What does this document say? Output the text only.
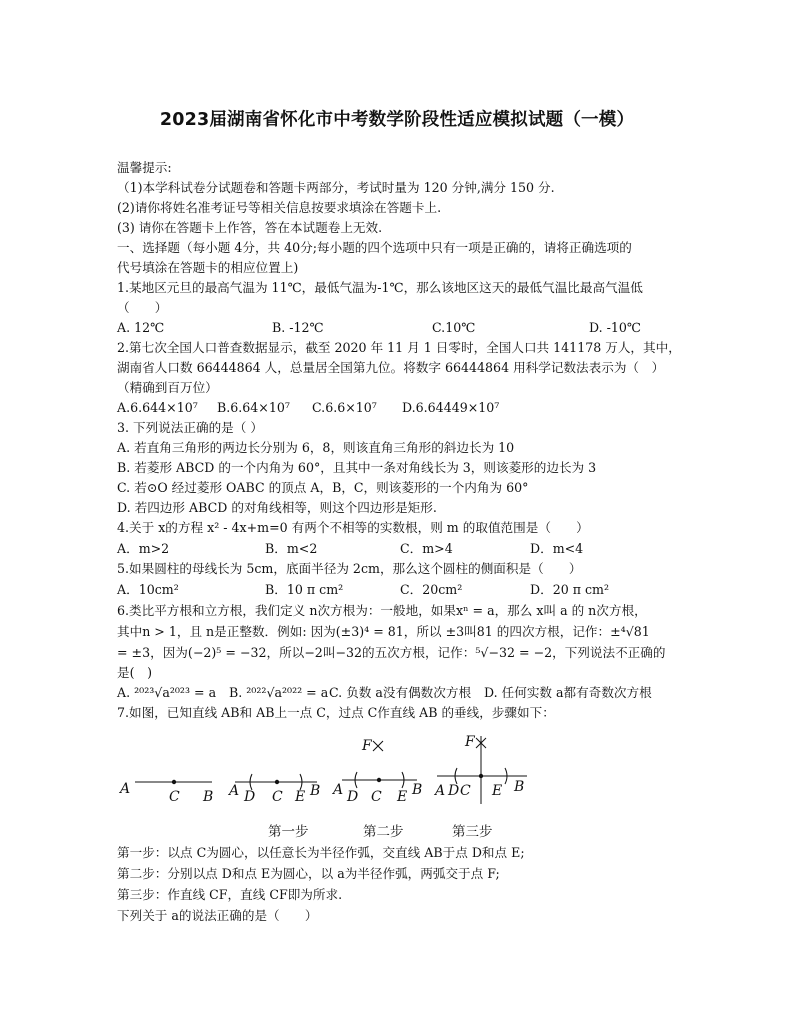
2023届湖南省怀化市中考数学阶段性适应模拟试题（一模）
温馨提示:
（1)本学科试卷分试题卷和答题卡两部分，考试时量为 120 分钟,满分 150 分.
(2)请你将姓名准考证号等相关信息按要求填涂在答题卡上.
(3) 请你在答题卡上作答，答在本试题卷上无效.
一、选择题（每小题 4分，共 40分;每小题的四个选项中只有一项是正确的，请将正确选项的
代号填涂在答题卡的相应位置上)
1.某地区元旦的最高气温为 11℃，最低气温为-1℃，那么该地区这天的最低气温比最高气温低
（　　）
A. 12℃	B. -12℃	C.10℃	D. -10℃
2.第七次全国人口普查数据显示，截至 2020 年 11 月 1 日零时，全国人口共 141178 万人，其中，
湖南省人口数 66444864 人，总量居全国第九位。将数字 66444864 用科学记数法表示为（　）
（精确到百万位）
A.6.644×10⁷ B.6.64×10⁷ C.6.6×10⁷ D.6.64449×10⁷
3. 下列说法正确的是（ ）
A. 若直角三角形的两边长分别为 6，8，则该直角三角形的斜边长为 10
B. 若菱形 ABCD 的一个内角为 60°，且其中一条对角线长为 3，则该菱形的边长为 3
C. 若⊙O 经过菱形 OABC 的顶点 A，B，C，则该菱形的一个内角为 60°
D. 若四边形 ABCD 的对角线相等，则这个四边形是矩形.
4.关于 x的方程 x² - 4x+m=0 有两个不相等的实数根，则 m 的取值范围是（　　）
A．m>2	B．m<2	C．m>4	D．m<4
5.如果圆柱的母线长为 5cm，底面半径为 2cm，那么这个圆柱的侧面积是（　　）
A．10cm²	B．10 π cm²	C．20cm²	D．20 π cm²
6.类比平方根和立方根，我们定义 n次方根为：一般地，如果xⁿ = a，那么 x叫 a 的 n次方根，
其中n > 1，且 n是正整数．例如: 因为(±3)⁴ = 81，所以 ±3叫81 的四次方根，记作：±⁴√81
= ±3，因为(−2)⁵ = −32，所以−2叫−32的五次方根，记作：⁵√−32 = −2，下列说法不正确的
是(　)
A. ²⁰²³√a²⁰²³ = a B. ²⁰²²√a²⁰²² = a C. 负数 a没有偶数次方根 D. 任何实数 a都有奇数次方根
7.如图，已知直线 AB和 AB上一点 C，过点 C作直线 AB 的垂线，步骤如下：
A	C B A D C E B
F
A D C E B
F
A D C E B
第一步	第二步	第三步
第一步：以点 C为圆心，以任意长为半径作弧，交直线 AB于点 D和点 E;
第二步：分别以点 D和点 E为圆心，以 a为半径作弧，两弧交于点 F;
第三步：作直线 CF，直线 CF即为所求.
下列关于 a的说法正确的是（　　）
